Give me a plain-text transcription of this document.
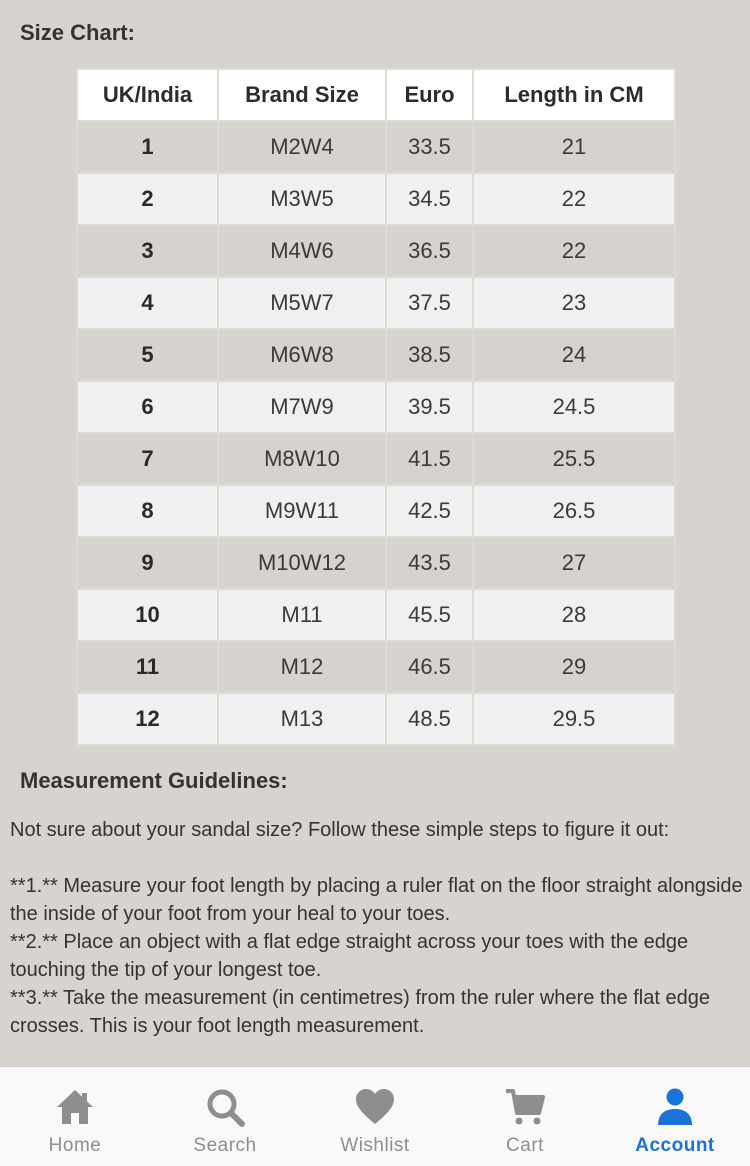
Size Chart:
UK/India	Brand Size	Euro	Length in CM
1	M2W4	33.5	21
2	M3W5	34.5	22
3	M4W6	36.5	22
4	M5W7	37.5	23
5	M6W8	38.5	24
6	M7W9	39.5	24.5
7	M8W10	41.5	25.5
8	M9W11	42.5	26.5
9	M10W12	43.5	27
10	M11	45.5	28
11	M12	46.5	29
12	M13	48.5	29.5
Measurement Guidelines:

Not sure about your sandal size? Follow these simple steps to figure it out:

**1.** Measure your foot length by placing a ruler flat on the floor straight alongside the inside of your foot from your heal to your toes.
**2.** Place an object with a flat edge straight across your toes with the edge touching the tip of your longest toe.
**3.** Take the measurement (in centimetres) from the ruler where the flat edge crosses. This is your foot length measurement.
Home	Search	Wishlist	Cart	Account
